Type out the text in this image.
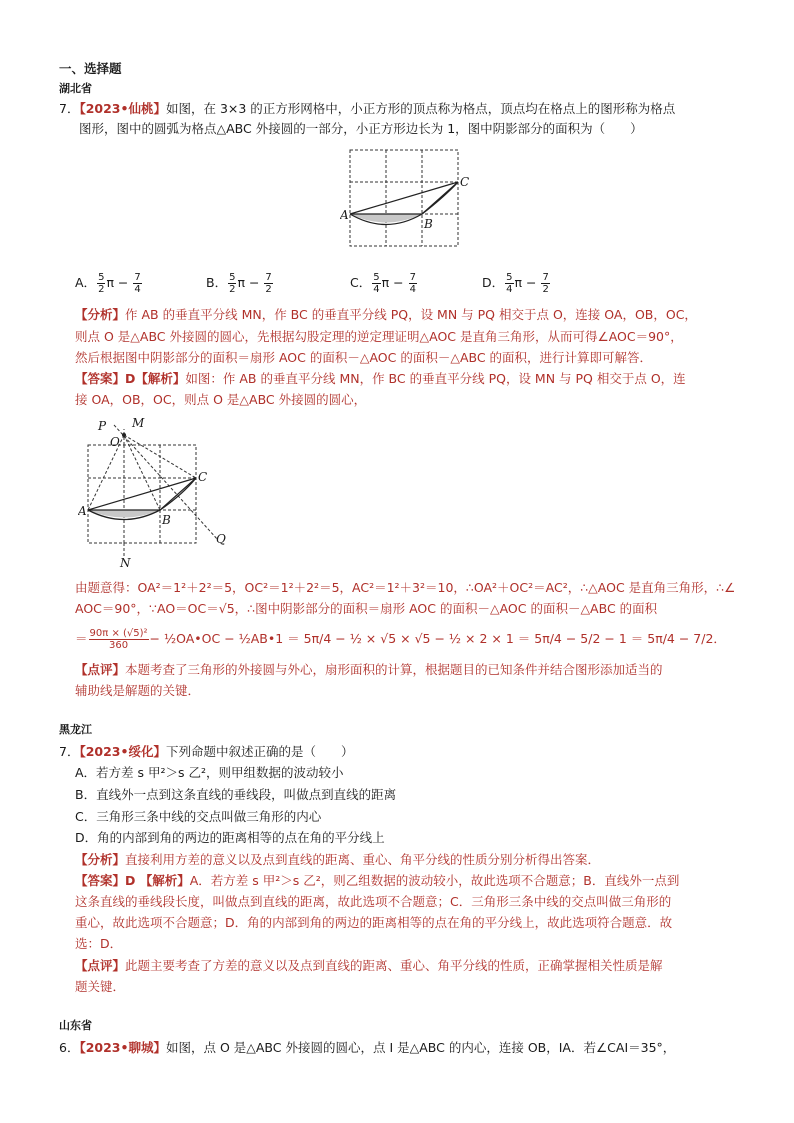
一、选择题
湖北省
7．【2023•仙桃】如图，在 3×3 的正方形网格中，小正方形的顶点称为格点，顶点均在格点上的图形称为格点
图形，图中的圆弧为格点△ABC 外接圆的一部分，小正方形边长为 1，图中阴影部分的面积为（　　）
A
B
C
A． $\frac{5}{2}$ $\pi - \frac{7}{4}$	B． $\frac{5}{2}$ $\pi - \frac{7}{2}$	C． $\frac{5}{4}$ $\pi - \frac{7}{4}$	D． $\frac{5}{4}$ $\pi - \frac{7}{2}$
【分析】作 AB 的垂直平分线 MN，作 BC 的垂直平分线 PQ，设 MN 与 PQ 相交于点 O，连接 OA，OB，OC，
则点 O 是△ABC 外接圆的圆心，先根据勾股定理的逆定理证明△AOC 是直角三角形，从而可得∠AOC＝90°，
然后根据图中阴影部分的面积＝扇形 AOC 的面积－△AOC 的面积－△ABC 的面积，进行计算即可解答．
【答案】D【解析】如图：作 AB 的垂直平分线 MN，作 BC 的垂直平分线 PQ，设 MN 与 PQ 相交于点 O，连
接 OA，OB，OC，则点 O 是△ABC 外接圆的圆心，
P M
O
C
A
B
N
Q
由题意得：OA²＝1²＋2²＝5，OC²＝1²＋2²＝5，AC²＝1²＋3²＝10，∴OA²＋OC²＝AC²，∴△AOC 是直角三角形，∴∠
AOC＝90°，∵AO＝OC＝√5，∴图中阴影部分的面积＝扇形 AOC 的面积－△AOC 的面积－△ABC 的面积
＝ $\frac{\text{90π × (√5)²}}{360}$ − ½OA•OC − ½AB•1 ＝ 5π/4 − ½ × √5 × √5 − ½ × 2 × 1 ＝ 5π/4 − 5/2 − 1 ＝ 5π/4 − 7/2．
【点评】本题考查了三角形的外接圆与外心，扇形面积的计算，根据题目的已知条件并结合图形添加适当的
辅助线是解题的关键．
黑龙江
7．【2023•绥化】下列命题中叙述正确的是（　　）
A．若方差 s 甲²＞s 乙²，则甲组数据的波动较小
B．直线外一点到这条直线的垂线段，叫做点到直线的距离
C．三角形三条中线的交点叫做三角形的内心
D．角的内部到角的两边的距离相等的点在角的平分线上
【分析】直接利用方差的意义以及点到直线的距离、重心、角平分线的性质分别分析得出答案．
【答案】D 【解析】A．若方差 s 甲²＞s 乙²，则乙组数据的波动较小，故此选项不合题意；B．直线外一点到
这条直线的垂线段长度，叫做点到直线的距离，故此选项不合题意；C．三角形三条中线的交点叫做三角形的
重心，故此选项不合题意；D．角的内部到角的两边的距离相等的点在角的平分线上，故此选项符合题意．故
选：D．
【点评】此题主要考查了方差的意义以及点到直线的距离、重心、角平分线的性质，正确掌握相关性质是解
题关键．
山东省
6．【2023•聊城】如图，点 O 是△ABC 外接圆的圆心，点 I 是△ABC 的内心，连接 OB，IA．若∠CAI＝35°，
